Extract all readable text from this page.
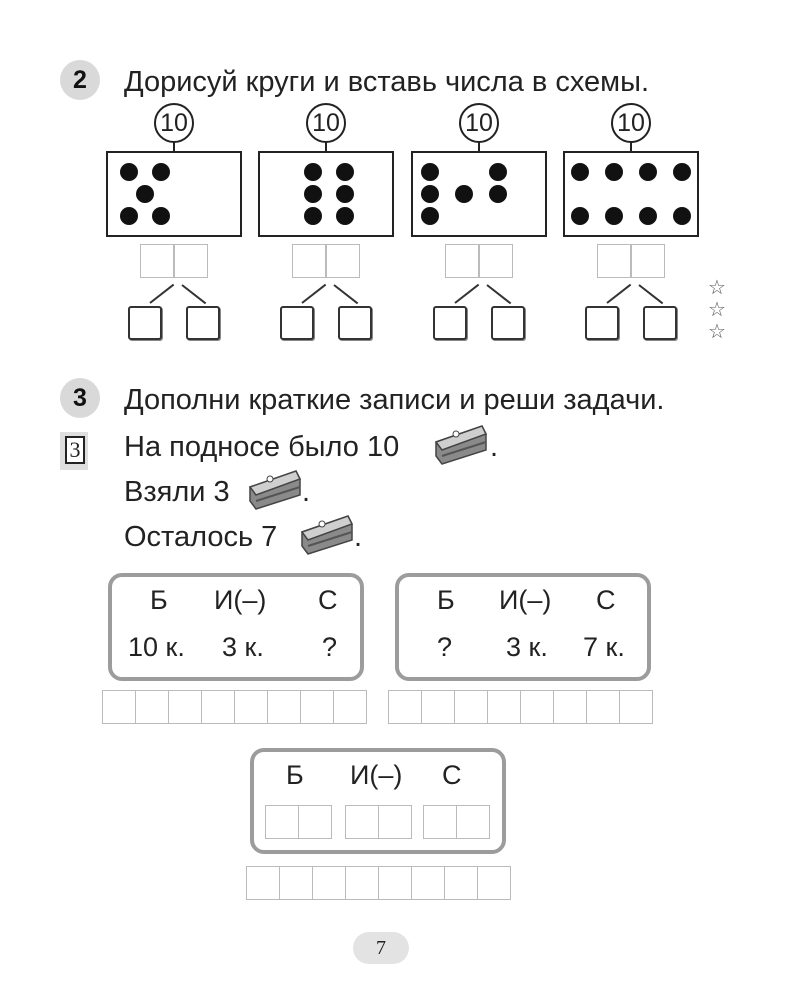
2	Дорисуй круги и вставь числа в схемы.
10	10	10	10
☆
☆
☆
3	Дополни краткие записи и реши задачи.
3 На подносе было 10	.
Взяли 3 .
Осталось 7	.
Б И(–) С
10 к. 3 к. ?
Б И(–) С
? 3 к. 7 к.
Б И(–) С
7
